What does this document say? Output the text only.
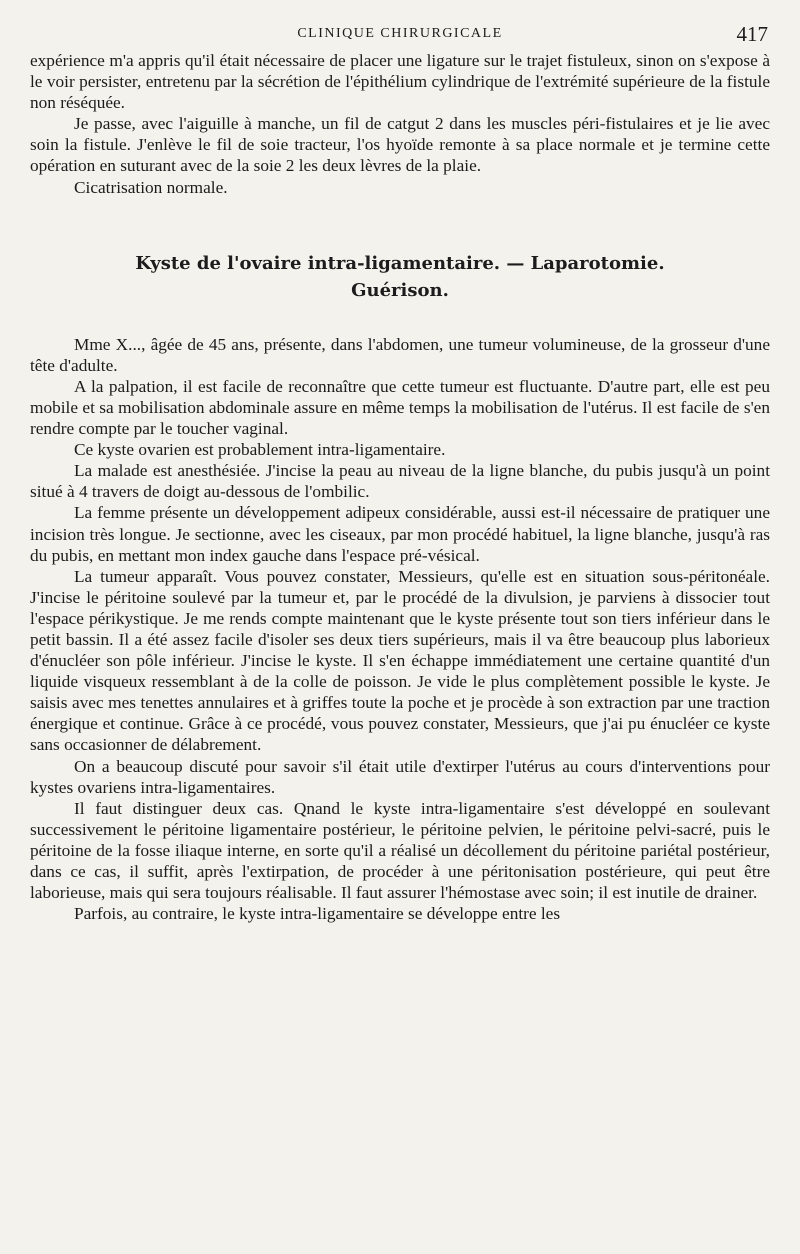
CLINIQUE CHIRURGICALE	417

expérience m'a appris qu'il était nécessaire de placer une ligature sur le trajet fistuleux, sinon on s'expose à le voir persister, entretenu par la sécrétion de l'épithélium cylindrique de l'extrémité supérieure de la fistule non réséquée.

Je passe, avec l'aiguille à manche, un fil de catgut 2 dans les muscles péri-fistulaires et je lie avec soin la fistule. J'enlève le fil de soie tracteur, l'os hyoïde remonte à sa place normale et je termine cette opération en suturant avec de la soie 2 les deux lèvres de la plaie.

Cicatrisation normale.

Kyste de l'ovaire intra-ligamentaire. — Laparotomie.
Guérison.

Mme X..., âgée de 45 ans, présente, dans l'abdomen, une tumeur volumineuse, de la grosseur d'une tête d'adulte.

A la palpation, il est facile de reconnaître que cette tumeur est fluctuante. D'autre part, elle est peu mobile et sa mobilisation abdominale assure en même temps la mobilisation de l'utérus. Il est facile de s'en rendre compte par le toucher vaginal.

Ce kyste ovarien est probablement intra-ligamentaire.

La malade est anesthésiée. J'incise la peau au niveau de la ligne blanche, du pubis jusqu'à un point situé à 4 travers de doigt au-dessous de l'ombilic.

La femme présente un développement adipeux considérable, aussi est-il nécessaire de pratiquer une incision très longue. Je sectionne, avec les ciseaux, par mon procédé habituel, la ligne blanche, jusqu'à ras du pubis, en mettant mon index gauche dans l'espace pré-vésical.

La tumeur apparaît. Vous pouvez constater, Messieurs, qu'elle est en situation sous-péritonéale. J'incise le péritoine soulevé par la tumeur et, par le procédé de la divulsion, je parviens à dissocier tout l'espace périkystique. Je me rends compte maintenant que le kyste présente tout son tiers inférieur dans le petit bassin. Il a été assez facile d'isoler ses deux tiers supérieurs, mais il va être beaucoup plus laborieux d'énucléer son pôle inférieur. J'incise le kyste. Il s'en échappe immédiatement une certaine quantité d'un liquide visqueux ressemblant à de la colle de poisson. Je vide le plus complètement possible le kyste. Je saisis avec mes tenettes annulaires et à griffes toute la poche et je procède à son extraction par une traction énergique et continue. Grâce à ce procédé, vous pouvez constater, Messieurs, que j'ai pu énucléer ce kyste sans occasionner de délabrement.

On a beaucoup discuté pour savoir s'il était utile d'extirper l'utérus au cours d'interventions pour kystes ovariens intra-ligamentaires.

Il faut distinguer deux cas. Qnand le kyste intra-ligamentaire s'est développé en soulevant successivement le péritoine ligamentaire postérieur, le péritoine pelvien, le péritoine pelvi-sacré, puis le péritoine de la fosse iliaque interne, en sorte qu'il a réalisé un décollement du péritoine pariétal postérieur, dans ce cas, il suffit, après l'extirpation, de procéder à une péritonisation postérieure, qui peut être laborieuse, mais qui sera toujours réalisable. Il faut assurer l'hémostase avec soin; il est inutile de drainer.

Parfois, au contraire, le kyste intra-ligamentaire se développe entre les
